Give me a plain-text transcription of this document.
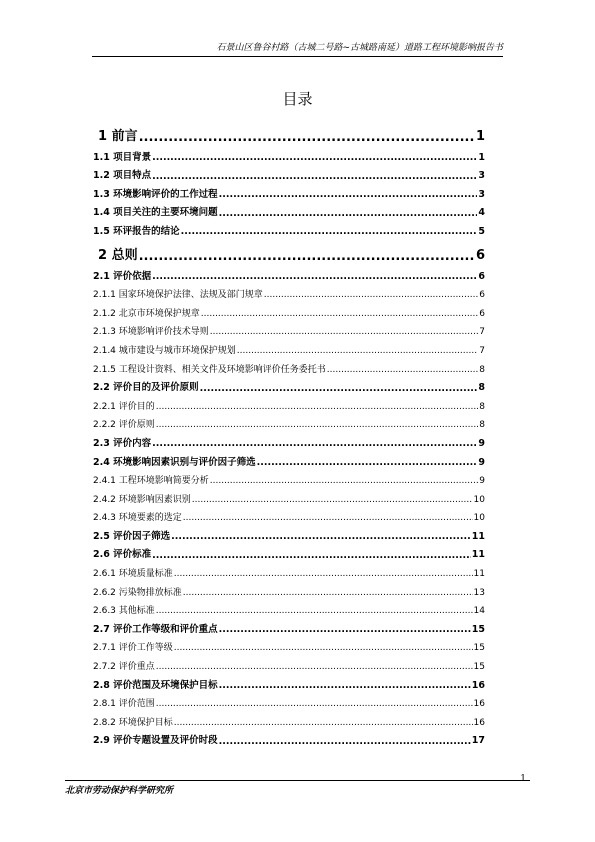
石景山区鲁谷村路（古城二号路~古城路南延）道路工程环境影响报告书
目录
1 前言 .....	1
1.1 项目背景 .....	1
1.2 项目特点 .....	3
1.3 环境影响评价的工作过程 .....	3
1.4 项目关注的主要环境问题 .....	4
1.5 环评报告的结论 .....	5
2 总则 .....	6
2.1 评价依据 .....	6
2.1.1 国家环境保护法律、法规及部门规章 .....	6
2.1.2 北京市环境保护规章 .....	6
2.1.3 环境影响评价技术导则 .....	7
2.1.4 城市建设与城市环境保护规划 .....	7
2.1.5 工程设计资料、相关文件及环境影响评价任务委托书 .....	8
2.2 评价目的及评价原则 .....	8
2.2.1 评价目的 .....	8
2.2.2 评价原则 .....	8
2.3 评价内容 .....	9
2.4 环境影响因素识别与评价因子筛选 .....	9
2.4.1 工程环境影响简要分析 .....	9
2.4.2 环境影响因素识别 .....	10
2.4.3 环境要素的选定 .....	10
2.5 评价因子筛选 .....	11
2.6 评价标准 .....	11
2.6.1 环境质量标准 .....	11
2.6.2 污染物排放标准 .....	13
2.6.3 其他标准 .....	14
2.7 评价工作等级和评价重点 .....	15
2.7.1 评价工作等级 .....	15
2.7.2 评价重点 .....	15
2.8 评价范围及环境保护目标 .....	16
2.8.1 评价范围 .....	16
2.8.2 环境保护目标 .....	16
2.9 评价专题设置及评价时段 .....	17
1
北京市劳动保护科学研究所
